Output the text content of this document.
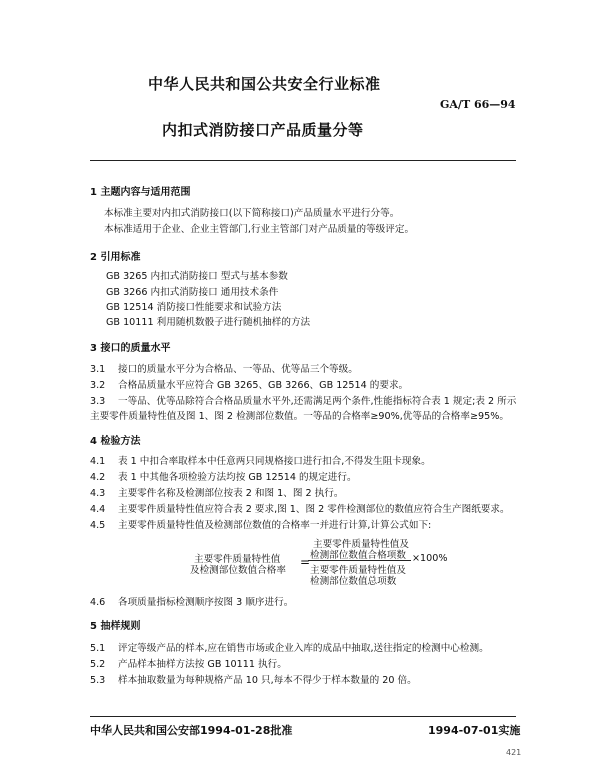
中华人民共和国公共安全行业标准
GA/T 66—94
内扣式消防接口产品质量分等
1 主题内容与适用范围
本标准主要对内扣式消防接口(以下简称接口)产品质量水平进行分等。
本标准适用于企业、企业主管部门,行业主管部门对产品质量的等级评定。
2 引用标准
GB 3265 内扣式消防接口 型式与基本参数
GB 3266 内扣式消防接口 通用技术条件
GB 12514 消防接口性能要求和试验方法
GB 10111 利用随机数骰子进行随机抽样的方法
3 接口的质量水平
3.1 接口的质量水平分为合格品、一等品、优等品三个等级。
3.2 合格品质量水平应符合 GB 3265、GB 3266、GB 12514 的要求。
3.3 一等品、优等品除符合合格品质量水平外,还需满足两个条件,性能指标符合表 1 规定;表 2 所示
主要零件质量特性值及图 1、图 2 检测部位数值。一等品的合格率≥90%,优等品的合格率≥95%。
4 检验方法
4.1 表 1 中扣合率取样本中任意两只同规格接口进行扣合,不得发生阻卡现象。
4.2 表 1 中其他各项检验方法均按 GB 12514 的规定进行。
4.3 主要零件名称及检测部位按表 2 和图 1、图 2 执行。
4.4 主要零件质量特性值应符合表 2 要求,图 1、图 2 零件检测部位的数值应符合生产图纸要求。
4.5 主要零件质量特性值及检测部位数值的合格率一并进行计算,计算公式如下:
主要零件质量特性值
及检测部位数值合格率
=
主要零件质量特性值及
检测部位数值合格项数
主要零件质量特性值及
检测部位数值总项数
×100%
4.6 各项质量指标检测顺序按图 3 顺序进行。
5 抽样规则
5.1 评定等级产品的样本,应在销售市场或企业入库的成品中抽取,送往指定的检测中心检测。
5.2 产品样本抽样方法按 GB 10111 执行。
5.3 样本抽取数量为每种规格产品 10 只,每本不得少于样本数量的 20 倍。
中华人民共和国公安部1994-01-28批准	1994-07-01实施
421
